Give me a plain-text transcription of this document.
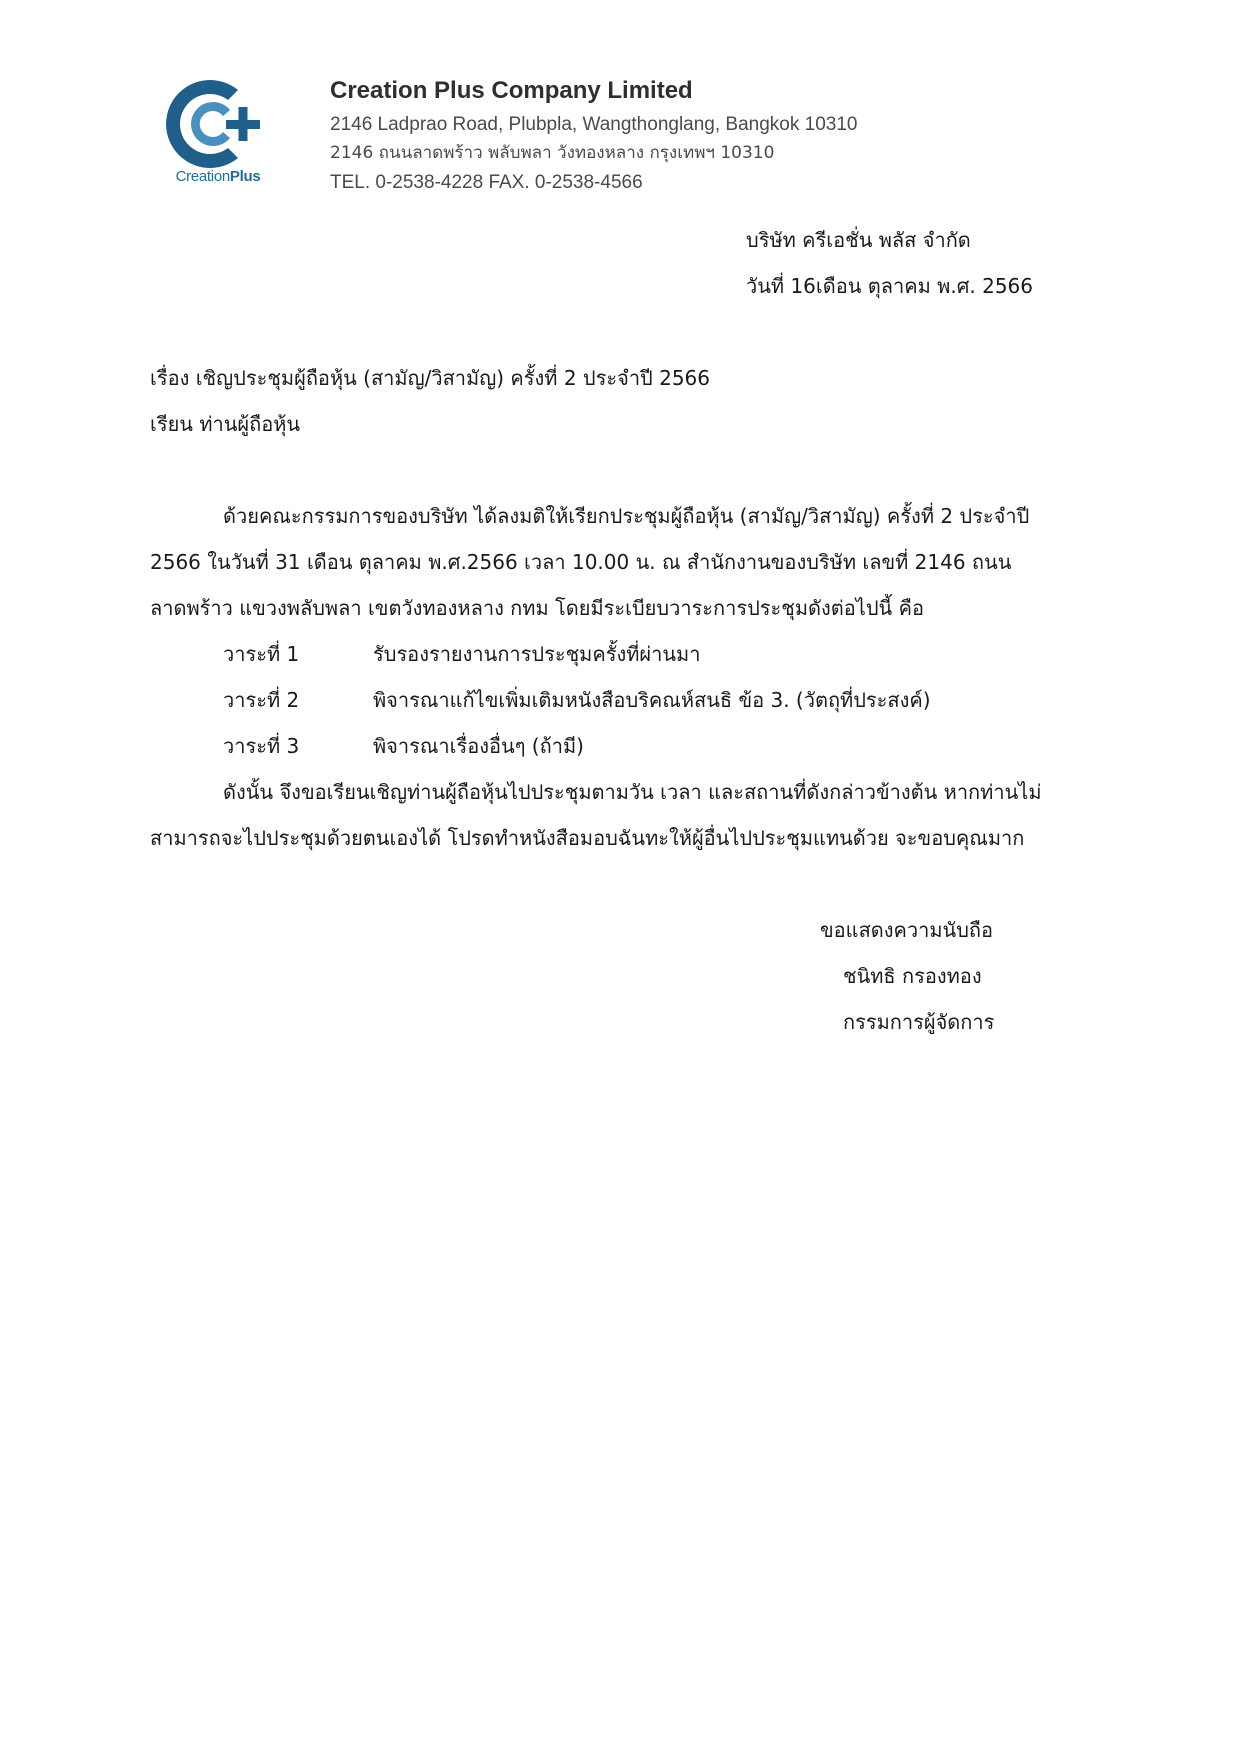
CreationPlus
Creation Plus Company Limited
2146 Ladprao Road, Plubpla, Wangthonglang, Bangkok 10310
2146 ถนนลาดพร้าว พลับพลา วังทองหลาง กรุงเทพฯ 10310
TEL. 0-2538-4228 FAX. 0-2538-4566
บริษัท ครีเอชั่น พลัส จำกัด
วันที่ 16เดือน ตุลาคม พ.ศ. 2566
เรื่อง เชิญประชุมผู้ถือหุ้น (สามัญ/วิสามัญ) ครั้งที่ 2 ประจำปี 2566
เรียน ท่านผู้ถือหุ้น
ด้วยคณะกรรมการของบริษัท ได้ลงมติให้เรียกประชุมผู้ถือหุ้น (สามัญ/วิสามัญ) ครั้งที่ 2 ประจำปี
2566 ในวันที่ 31 เดือน ตุลาคม พ.ศ.2566 เวลา 10.00 น. ณ สำนักงานของบริษัท เลขที่ 2146 ถนน
ลาดพร้าว แขวงพลับพลา เขตวังทองหลาง กทม โดยมีระเบียบวาระการประชุมดังต่อไปนี้ คือ
วาระที่ 1	รับรองรายงานการประชุมครั้งที่ผ่านมา
วาระที่ 2	พิจารณาแก้ไขเพิ่มเติมหนังสือบริคณห์สนธิ ข้อ 3. (วัตถุที่ประสงค์)
วาระที่ 3	พิจารณาเรื่องอื่นๆ (ถ้ามี)
ดังนั้น จึงขอเรียนเชิญท่านผู้ถือหุ้นไปประชุมตามวัน เวลา และสถานที่ดังกล่าวข้างต้น หากท่านไม่
สามารถจะไปประชุมด้วยตนเองได้ โปรดทำหนังสือมอบฉันทะให้ผู้อื่นไปประชุมแทนด้วย จะขอบคุณมาก
ขอแสดงความนับถือ
ชนิทธิ กรองทอง
กรรมการผู้จัดการ
